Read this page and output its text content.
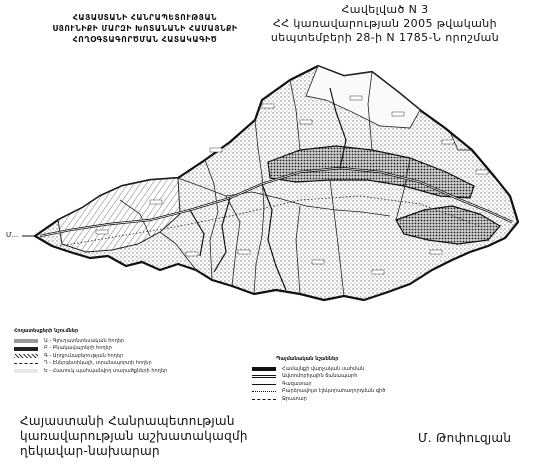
ՀԱՅԱՍՏԱՆԻ ՀԱՆՐԱՊԵՏՈՒԹՅԱՆ
ՍՅՈՒՆԻՔԻ ՄԱՐԶԻ ԽՈՏԱՆԱՆԻ ՀԱՄԱՅՆՔԻ
ՀՈՂՕԳՏԱԳՈՐԾՄԱՆ ՀԱՏԱԿԱԳԻԾ
Հավելված N 3
ՀՀ կառավարության 2005 թվականի
սեպտեմբերի 28-ի N 1785-Ն որոշման
Մ...
Հողատեսքերի նշումներ
Ա - Գյուղատնտեսական հողեր
Բ - Բնակավայրերի հողեր
Գ - Արդյունաբերության հողեր
Դ - Էներգետիկայի, տրանսպորտի հողեր
Ե - Հատուկ պահպանվող տարածքների հողեր
Պայմանական նշաններ
Համայնքի վարչական սահման
Ավտոմոբիլային ճանապարհ
Գազատար
Բարձրավոլտ էլեկտրահաղորդման գիծ
Ջրատար
Հայաստանի Հանրապետության
կառավարության աշխատակազմի
ղեկավար-նախարար
Մ. Թոփուզյան
